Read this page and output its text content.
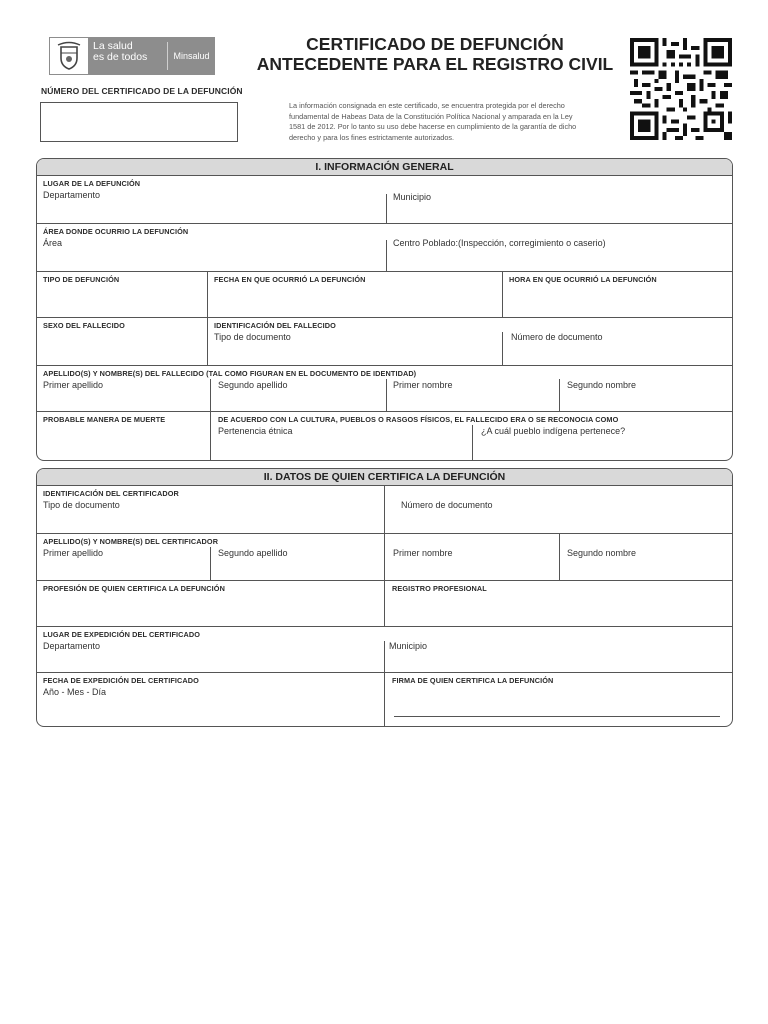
La salud
es de todos	Minsalud
CERTIFICADO DE DEFUNCIÓN
ANTECEDENTE PARA EL REGISTRO CIVIL
NÚMERO DEL CERTIFICADO DE LA DEFUNCIÓN
La información consignada en este certificado, se encuentra protegida por el derecho fundamental de Habeas Data de la Constitución Política Nacional y amparada en la Ley 1581 de 2012. Por lo tanto su uso debe hacerse en cumplimiento de la garantía de dicho derecho y para los fines estrictamente autorizados.
I. INFORMACIÓN GENERAL
LUGAR DE LA DEFUNCIÓN
Departamento	Municipio
ÁREA DONDE OCURRIO LA DEFUNCIÓN
Área	Centro Poblado:(Inspección, corregimiento o caserio)
TIPO DE DEFUNCIÓN	FECHA EN QUE OCURRIÓ LA DEFUNCIÓN	HORA EN QUE OCURRIÓ LA DEFUNCIÓN
SEXO DEL FALLECIDO	IDENTIFICACIÓN DEL FALLECIDO
Tipo de documento	Número de documento
APELLIDO(S) Y NOMBRE(S) DEL FALLECIDO (TAL COMO FIGURAN EN EL DOCUMENTO DE IDENTIDAD)
Primer apellido	Segundo apellido	Primer nombre	Segundo nombre
PROBABLE MANERA DE MUERTE	DE ACUERDO CON LA CULTURA, PUEBLOS O RASGOS FÍSICOS, EL FALLECIDO ERA O SE RECONOCIA COMO
Pertenencia étnica	¿A cuál pueblo indígena pertenece?
II. DATOS DE QUIEN CERTIFICA LA DEFUNCIÓN
IDENTIFICACIÓN DEL CERTIFICADOR
Tipo de documento	Número de documento
APELLIDO(S) Y NOMBRE(S) DEL CERTIFICADOR
Primer apellido	Segundo apellido	Primer nombre	Segundo nombre
PROFESIÓN DE QUIEN CERTIFICA LA DEFUNCIÓN	REGISTRO PROFESIONAL
LUGAR DE EXPEDICIÓN DEL CERTIFICADO
Departamento	Municipio
FECHA DE EXPEDICIÓN DEL CERTIFICADO
Año - Mes - Día
FIRMA DE QUIEN CERTIFICA LA DEFUNCIÓN
